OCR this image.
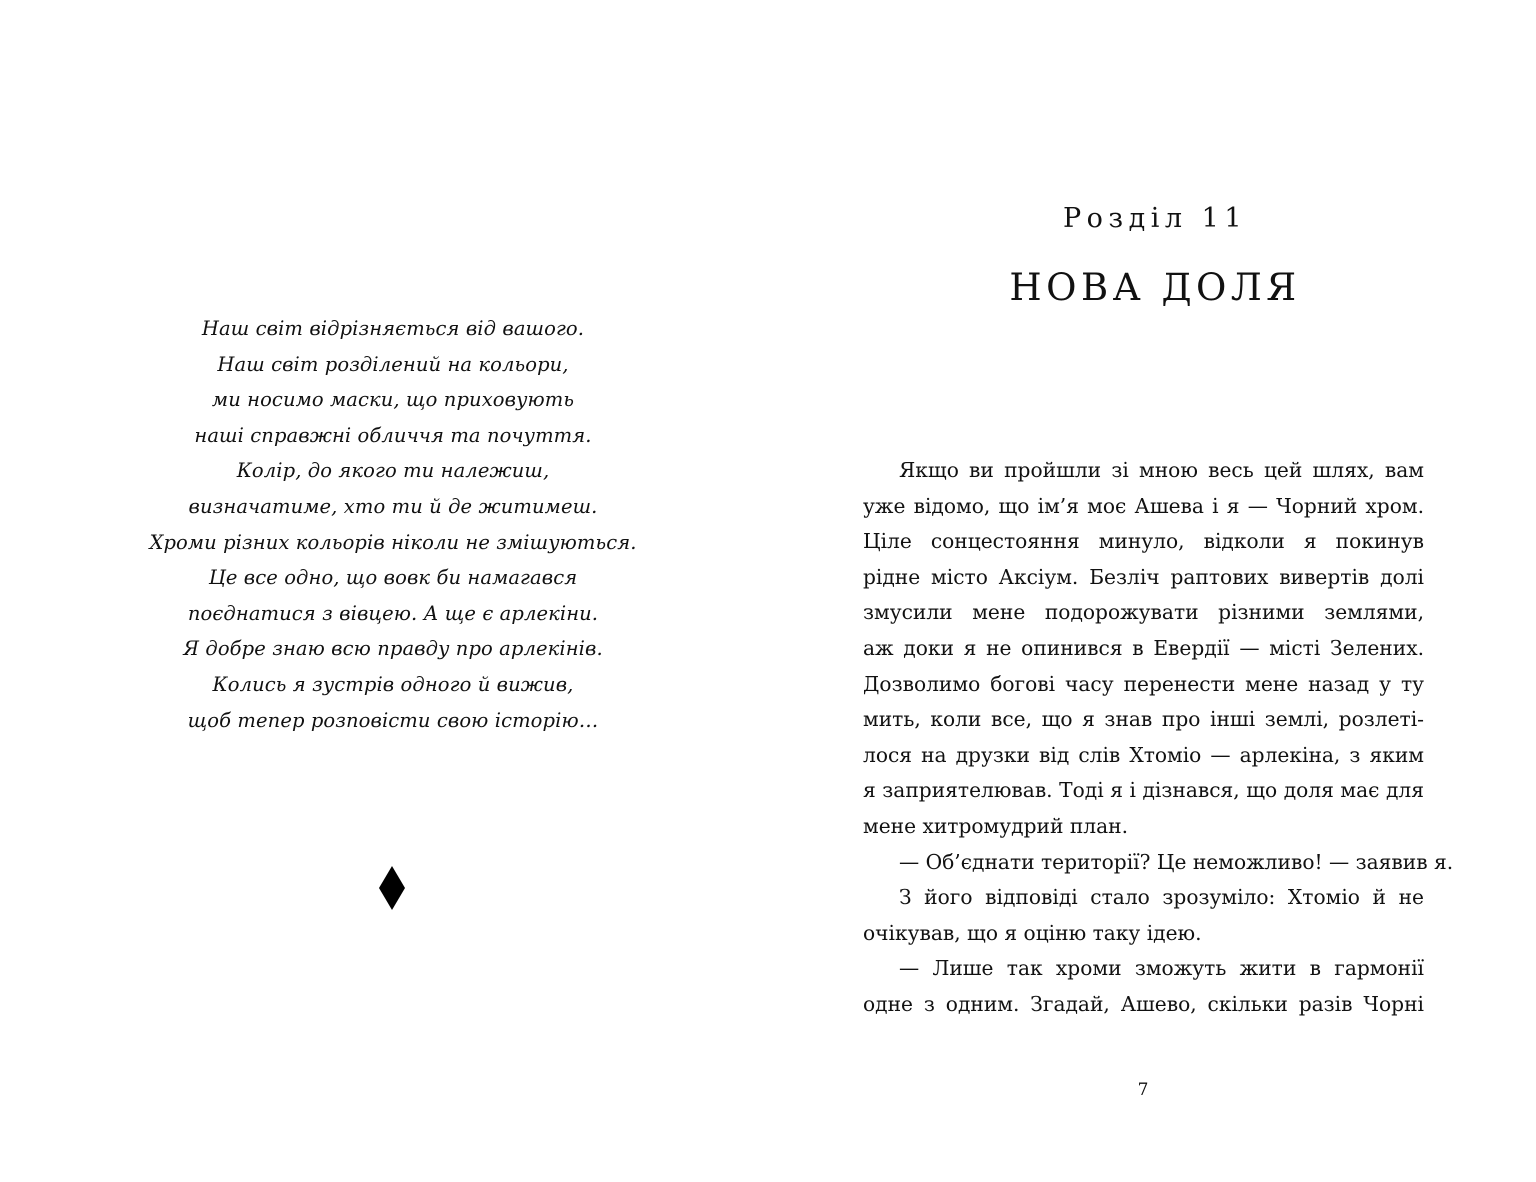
Наш світ відрізняється від вашого.
Наш світ розділений на кольори,
ми носимо маски, що приховують
наші справжні обличчя та почуття.
Колір, до якого ти належиш,
визначатиме, хто ти й де житимеш.
Хроми різних кольорів ніколи не змішуються.
Це все одно, що вовк би намагався
поєднатися з вівцею. А ще є арлекіни.
Я добре знаю всю правду про арлекінів.
Колись я зустрів одного й вижив,
щоб тепер розповісти свою історію…
Розділ 11
НОВА ДОЛЯ
Якщо ви пройшли зі мною весь цей шлях, вам
уже відомо, що ім’я моє Ашева і я — Чорний хром.
Ціле сонцестояння минуло, відколи я покинув
рідне місто Аксіум. Безліч раптових вивертів долі
змусили мене подорожувати різними землями,
аж доки я не опинився в Евердії — місті Зелених.
Дозволимо богові часу перенести мене назад у ту
мить, коли все, що я знав про інші землі, розлеті-
лося на друзки від слів Хтоміо — арлекіна, з яким
я заприятелював. Тоді я і дізнався, що доля має для
мене хитромудрий план.
— Об’єднати території? Це неможливо! — заявив я.
З його відповіді стало зрозуміло: Хтоміо й не
очікував, що я оціню таку ідею.
— Лише так хроми зможуть жити в гармонії
одне з одним. Згадай, Ашево, скільки разів Чорні
7
